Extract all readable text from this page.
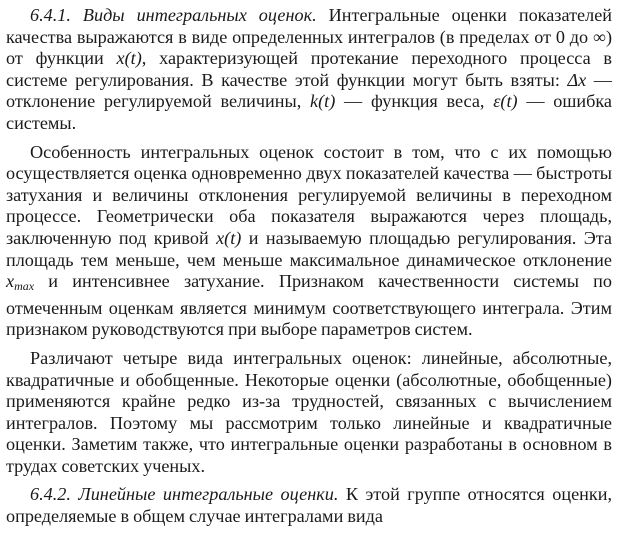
6.4.1. Виды интегральных оценок. Интегральные оценки показателей качества выражаются в виде определенных интегралов (в пределах от 0 до ∞) от функции x(t), характеризующей протекание переходного процесса в системе регулирования. В качестве этой функции могут быть взяты: Δx — отклонение регулируемой величины, k(t) — функция веса, ε(t) — ошибка системы.

Особенность интегральных оценок состоит в том, что с их помощью осуществляется оценка одновременно двух показателей качества — быстроты затухания и величины отклонения регулируемой величины в переходном процессе. Геометрически оба показателя выражаются через площадь, заключенную под кривой x(t) и называемую площадью регулирования. Эта площадь тем меньше, чем меньше максимальное динамическое отклонение $x_{max}$ и интенсивнее затухание. Признаком качественности системы по отмеченным оценкам является минимум соответствующего интеграла. Этим признаком руководствуются при выборе параметров систем.

Различают четыре вида интегральных оценок: линейные, абсолютные, квадратичные и обобщенные. Некоторые оценки (абсолютные, обобщенные) применяются крайне редко из-за трудностей, связанных с вычислением интегралов. Поэтому мы рассмотрим только линейные и квадратичные оценки. Заметим также, что интегральные оценки разработаны в основном в трудах советских ученых.

6.4.2. Линейные интегральные оценки. К этой группе относятся оценки, определяемые в общем случае интегралами вида
